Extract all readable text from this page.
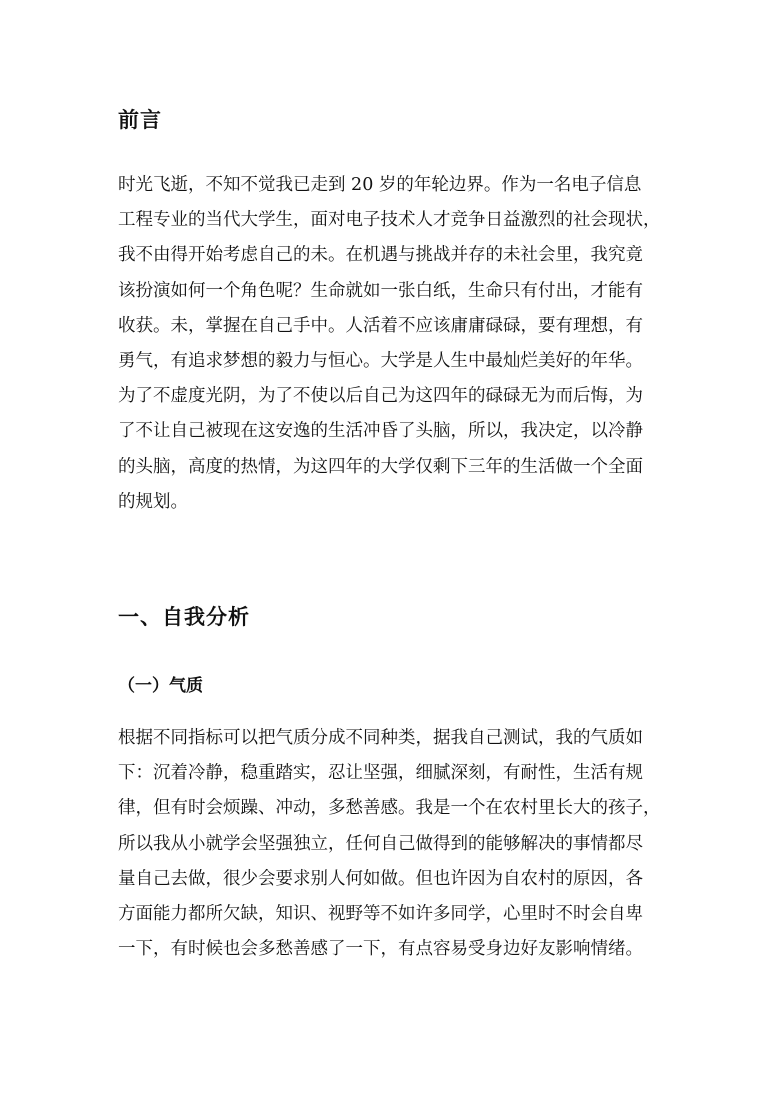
前言
时光飞逝，不知不觉我已走到 20 岁的年轮边界。作为一名电子信息
工程专业的当代大学生，面对电子技术人才竞争日益激烈的社会现状，
我不由得开始考虑自己的未。在机遇与挑战并存的未社会里，我究竟
该扮演如何一个角色呢？生命就如一张白纸，生命只有付出，才能有
收获。未，掌握在自己手中。人活着不应该庸庸碌碌，要有理想，有
勇气，有追求梦想的毅力与恒心。大学是人生中最灿烂美好的年华。
为了不虚度光阴，为了不使以后自己为这四年的碌碌无为而后悔，为
了不让自己被现在这安逸的生活冲昏了头脑，所以，我决定，以冷静
的头脑，高度的热情，为这四年的大学仅剩下三年的生活做一个全面
的规划。
一、自我分析
（一）气质
根据不同指标可以把气质分成不同种类，据我自己测试，我的气质如
下：沉着冷静，稳重踏实，忍让坚强，细腻深刻，有耐性，生活有规
律，但有时会烦躁、冲动，多愁善感。我是一个在农村里长大的孩子，
所以我从小就学会坚强独立，任何自己做得到的能够解决的事情都尽
量自己去做，很少会要求别人何如做。但也许因为自农村的原因，各
方面能力都所欠缺，知识、视野等不如许多同学，心里时不时会自卑
一下，有时候也会多愁善感了一下，有点容易受身边好友影响情绪。
